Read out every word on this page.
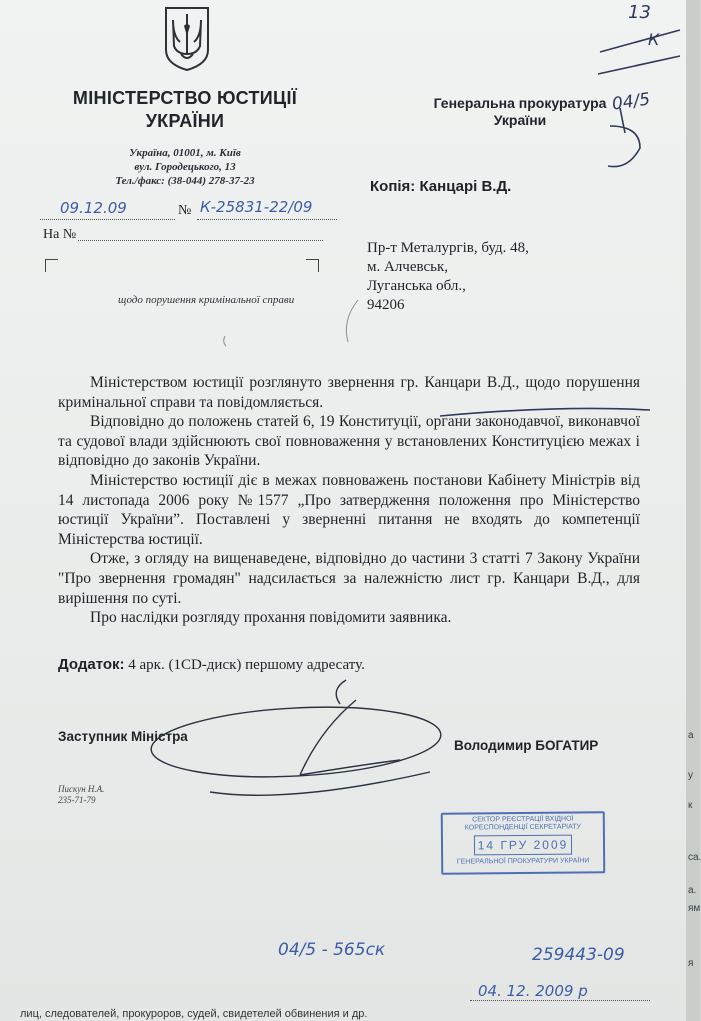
МІНІСТЕРСТВО ЮСТИЦІЇ
УКРАЇНИ
Україна, 01001, м. Київ
вул. Городецького, 13
Тел./факс: (38-044) 278-37-23
09.12.09	№ К-25831-22/09
На №
щодо порушення кримінальної справи
Генеральна прокуратура
України
Копія: Канцарі В.Д.
Пр-т Металургів, буд. 48,
м. Алчевськ,
Луганська обл.,
94206

Міністерством юстиції розглянуто звернення гр. Канцари В.Д., щодо порушення кримінальної справи та повідомляється.

Відповідно до положень статей 6, 19 Конституції, органи законодавчої, виконавчої та судової влади здійснюють свої повноваження у встановлених Конституцією межах і відповідно до законів України.

Міністерство юстиції діє в межах повноважень постанови Кабінету Міністрів від 14 листопада 2006 року №1577 „Про затвердження положення про Міністерство юстиції України”. Поставлені у зверненні питання не входять до компетенції Міністерства юстиції.

Отже, з огляду на вищенаведене, відповідно до частини 3 статті 7 Закону України "Про звернення громадян" надсилається за належністю лист гр. Канцари В.Д., для вирішення по суті.

Про наслідки розгляду прохання повідомити заявника.

Додаток: 4 арк. (1CD-диск) першому адресату.
Заступник Міністра
Володимир БОГАТИР
Пискун Н.А.
235-71-79
СЕКТОР РЕЄСТРАЦІЇ ВХІДНОЇ КОРЕСПОНДЕНЦІЇ СЕКРЕТАРІАТУ
14 ГРУ 2009
ГЕНЕРАЛЬНОЇ ПРОКУРАТУРИ УКРАЇНИ
04/5 - 565ск	259443-09
04. 12. 2009 р
13
К
04/5
лиц, следователей, прокуроров, судей, свидетелей обвинения и др.
а
у
к
са.
а.
ям
я
